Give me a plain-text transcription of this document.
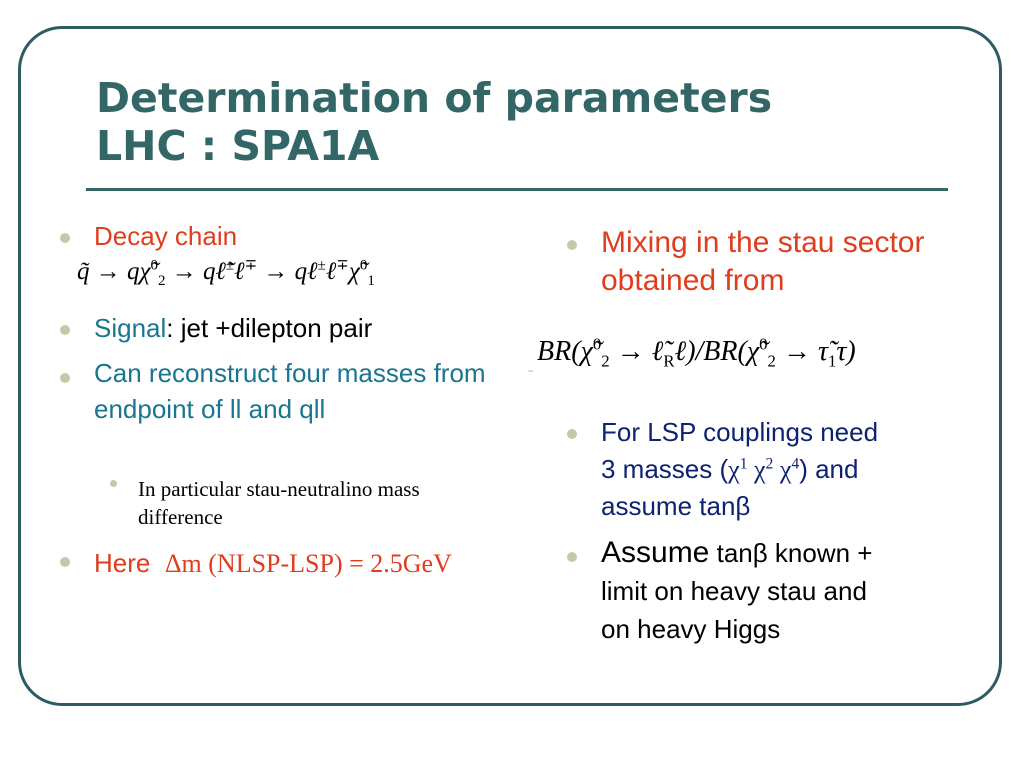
Determination of parameters
LHC : SPA1A

Decay chain

q̃ → qχ̃$^0_2$ → qℓ̃±ℓ∓ → qℓ±ℓ∓χ̃$^0_1$

Signal: jet +dilepton pair

Can reconstruct four masses from endpoint of ll and qll

In particular stau-neutralino mass difference

Here Δm (NLSP-LSP) = 2.5GeV

Mixing in the stau sector obtained from

BR(χ̃$^0_2$ → $\ell̃_R\ell)/BR(\chĩ^0_2$ → $\taũ_1\tau$)
~
For LSP couplings need
3 masses ($\chi^1$ $\chi^2$ $\chi^4$) and
assume tanβ
Assume tanβ known +
limit on heavy stau and
on heavy Higgs
